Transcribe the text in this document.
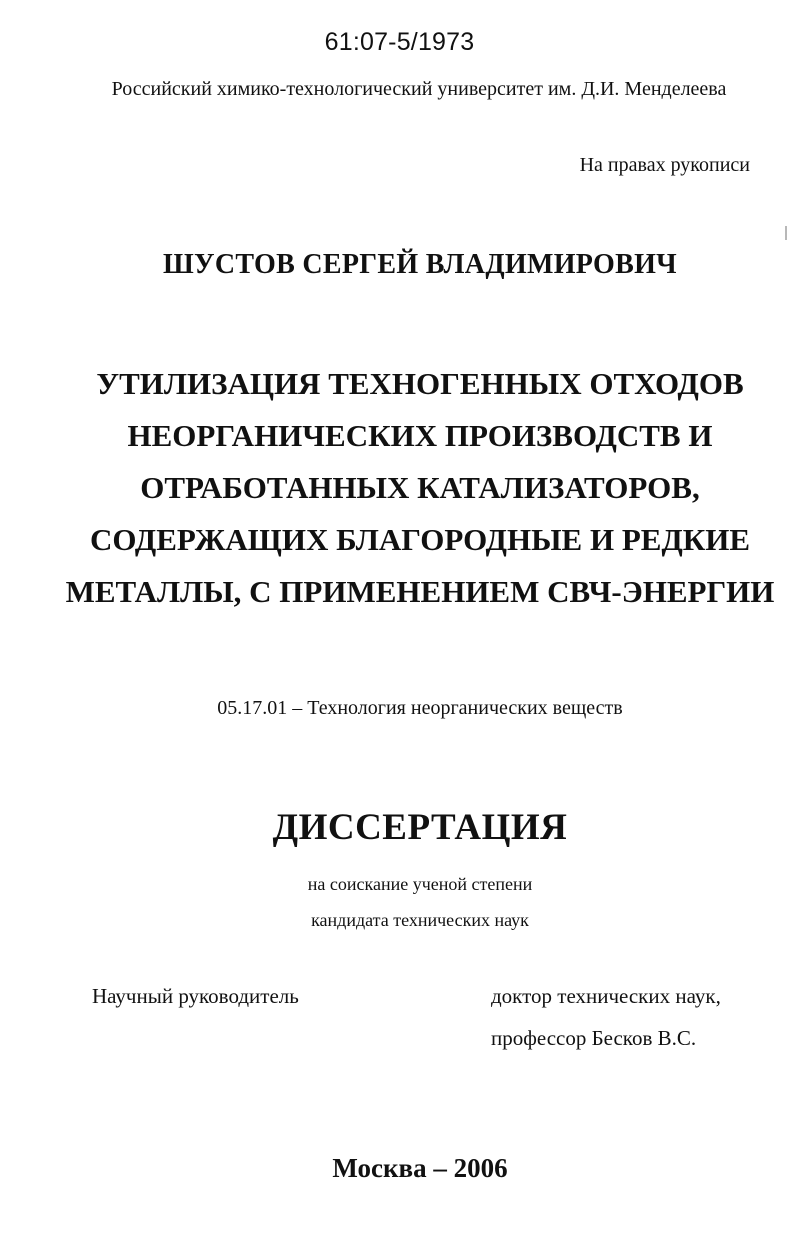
61:07-5/1973
Российский химико-технологический университет им. Д.И. Менделеева
На правах рукописи
ШУСТОВ СЕРГЕЙ ВЛАДИМИРОВИЧ
УТИЛИЗАЦИЯ ТЕХНОГЕННЫХ ОТХОДОВ
НЕОРГАНИЧЕСКИХ ПРОИЗВОДСТВ И
ОТРАБОТАННЫХ КАТАЛИЗАТОРОВ,
СОДЕРЖАЩИХ БЛАГОРОДНЫЕ И РЕДКИЕ
МЕТАЛЛЫ, С ПРИМЕНЕНИЕМ СВЧ-ЭНЕРГИИ
05.17.01 – Технология неорганических веществ
ДИССЕРТАЦИЯ
на соискание ученой степени
кандидата технических наук
Научный руководитель	доктор технических наук,
профессор Бесков В.С.
Москва – 2006
